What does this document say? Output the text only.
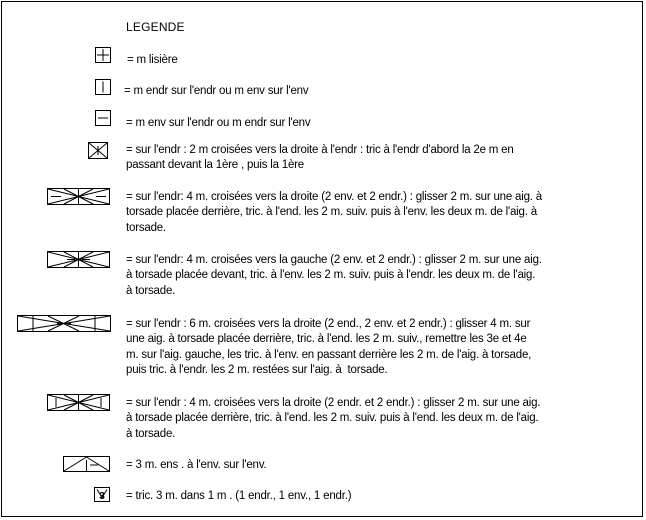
LEGENDE
= m lisière
= m endr sur l'endr ou m env sur l'env
= m env sur l'endr ou m endr sur l'env
= sur l'endr : 2 m croisées vers la droite à l'endr : tric à l'endr d'abord la 2e m en
passant devant la 1ère , puis la 1ère
= sur l'endr: 4 m. croisées vers la droite (2 env. et 2 endr.) : glisser 2 m. sur une aig. à
torsade placée derrière, tric. à l'end. les 2 m. suiv. puis à l'env. les deux m. de l'aig. à
torsade.
= sur l'endr: 4 m. croisées vers la gauche (2 env. et 2 endr.) : glisser 2 m. sur une aig.
à torsade placée devant, tric. à l'env. les 2 m. suiv. puis à l'endr. les deux m. de l'aig.
à torsade.
= sur l'endr : 6 m. croisées vers la droite (2 end., 2 env. et 2 endr.) : glisser 4 m. sur
une aig. à torsade placée derrière, tric. à l'end. les 2 m. suiv., remettre les 3e et 4e
m. sur l'aig. gauche, les tric. à l'env. en passant derrière les 2 m. de l'aig. à torsade,
puis tric. à l'endr. les 2 m. restées sur l'aig. à  torsade.
= sur l'endr : 4 m. croisées vers la droite (2 endr. et 2 endr.) : glisser 2 m. sur une aig.
à torsade placée derrière, tric. à l'end. les 2 m. suiv. puis à l'end. les deux m. de l'aig.
à torsade.
= 3 m. ens . à l'env. sur l'env.
3 = tric. 3 m. dans 1 m . (1 endr., 1 env., 1 endr.)
